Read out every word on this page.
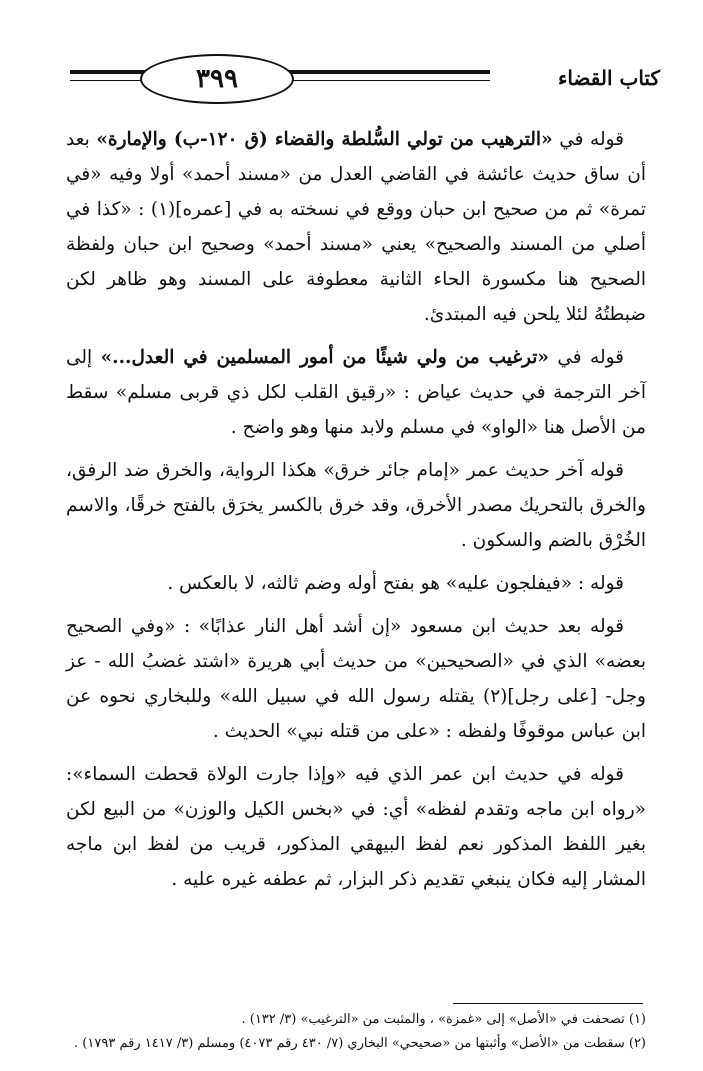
٣٩٩	كتاب القضاء

قوله في «الترهيب من تولي السُّلطة والقضاء (ق ١٢٠-ب) والإمارة» بعد أن ساق حديث عائشة في القاضي العدل من «مسند أحمد» أولا وفيه «في تمرة» ثم من صحيح ابن حبان ووقع في نسخته به في [عمره](١) : «كذا في أصلي من المسند والصحيح» يعني «مسند أحمد» وصحيح ابن حبان ولفظة الصحيح هنا مكسورة الحاء الثانية معطوفة على المسند وهو ظاهر لكن ضبطتُهُ لئلا يلحن فيه المبتدئ.

قوله في «ترغيب من ولي شيئًا من أمور المسلمين في العدل...» إلى آخر الترجمة في حديث عياض : «رقيق القلب لكل ذي قربى مسلم» سقط من الأصل هنا «الواو» في مسلم ولابد منها وهو واضح .

قوله آخر حديث عمر «إمام جائر خرق» هكذا الرواية، والخرق ضد الرفق، والخرق بالتحريك مصدر الأخرق، وقد خرق بالكسر يخرَق بالفتح خرقًا، والاسم الخُرْق بالضم والسكون .

قوله : «فيفلجون عليه» هو بفتح أوله وضم ثالثه، لا بالعكس .

قوله بعد حديث ابن مسعود «إن أشد أهل النار عذابًا» : «وفي الصحيح بعضه» الذي في «الصحيحين» من حديث أبي هريرة «اشتد غضبُ الله - عز وجل- [على رجل](٢) يقتله رسول الله في سبيل الله» وللبخاري نحوه عن ابن عباس موقوفًا ولفظه : «على من قتله نبي» الحديث .

قوله في حديث ابن عمر الذي فيه «وإذا جارت الولاة قحطت السماء»: «رواه ابن ماجه وتقدم لفظه» أي: في «بخس الكيل والوزن» من البيع لكن بغير اللفظ المذكور نعم لفظ البيهقي المذكور، قريب من لفظ ابن ماجه المشار إليه فكان ينبغي تقديم ذكر البزار، ثم عطفه غيره عليه .

(١) تصحفت في «الأصل» إلى «غمزة» ، والمثبت من «الترغيب» (٣/ ١٣٢) .
(٢) سقطت من «الأصل» وأثبتها من «صحيحي» البخاري (٧/ ٤٣٠ رقم ٤٠٧٣) ومسلم (٣/ ١٤١٧ رقم ١٧٩٣) .
